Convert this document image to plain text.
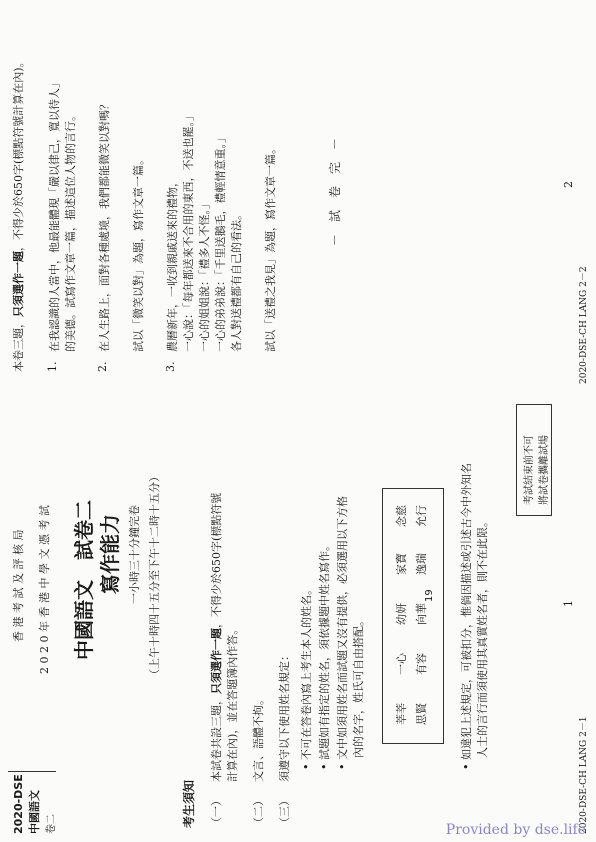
2020-DSE 中國語文 卷二
香 港 考 試 及 評 核 局 2 0 2 0 年 香 港 中 學 文 憑 考 試 中國語文　試卷二 寫作能力 一小時三十分鐘完卷 （上午十時四十五分至下午十二時十五分）
考生須知 （一）
本試卷共設三題，只須選作一題，不得少於650字(標點符號
計算在內)，並在答題簿內作答。
（二）
文言、語體不拘。
（三）
須遵守以下使用姓名規定： • 不可在答卷內寫上考生本人的姓名。
• 試題如有指定的姓名，須依據題中姓名寫作。
• 文中如須用姓名而試題又沒有提供，必須選用以下方格 內的名字，姓氏可自由搭配。	莘莘 思賢
一心 有容
幼妍 向華
家寶 逸瑞
念慈 允行
• 如違犯上述規定，可被扣分，惟倘因描述或引述古今中外知名 人士的言行而須使用其真實姓名者，則不在此限。
考試結束前不可 將試卷攜離試場
19
1
2020-DSE-CH LANG 2－1
本卷三題，只須選作一題，不得少於650字(標點符號計算在內)。
1.
在我認識的人當中，他最能體現「嚴以律己，寬以待人」 的美德。試寫作文章一篇，描述這位人物的言行。
2.
在人生路上，面對各種處境，我們都能微笑以對嗎？ 試以「微笑以對」為題，寫作文章一篇。
3.
農曆新年，一收到親戚送來的禮物， 一心說：「每年都送來不合用的東西，不送也罷。」 一心的姐姐說：「禮多人不怪。」 一心的弟弟說：「千里送鵝毛，禮輕情意重。」 各人對送禮都有自己的看法。 試以「送禮之我見」為題，寫作文章一篇。	－　試　卷　完　－	2
2020-DSE-CH LANG 2－2
Provided by dse.life
